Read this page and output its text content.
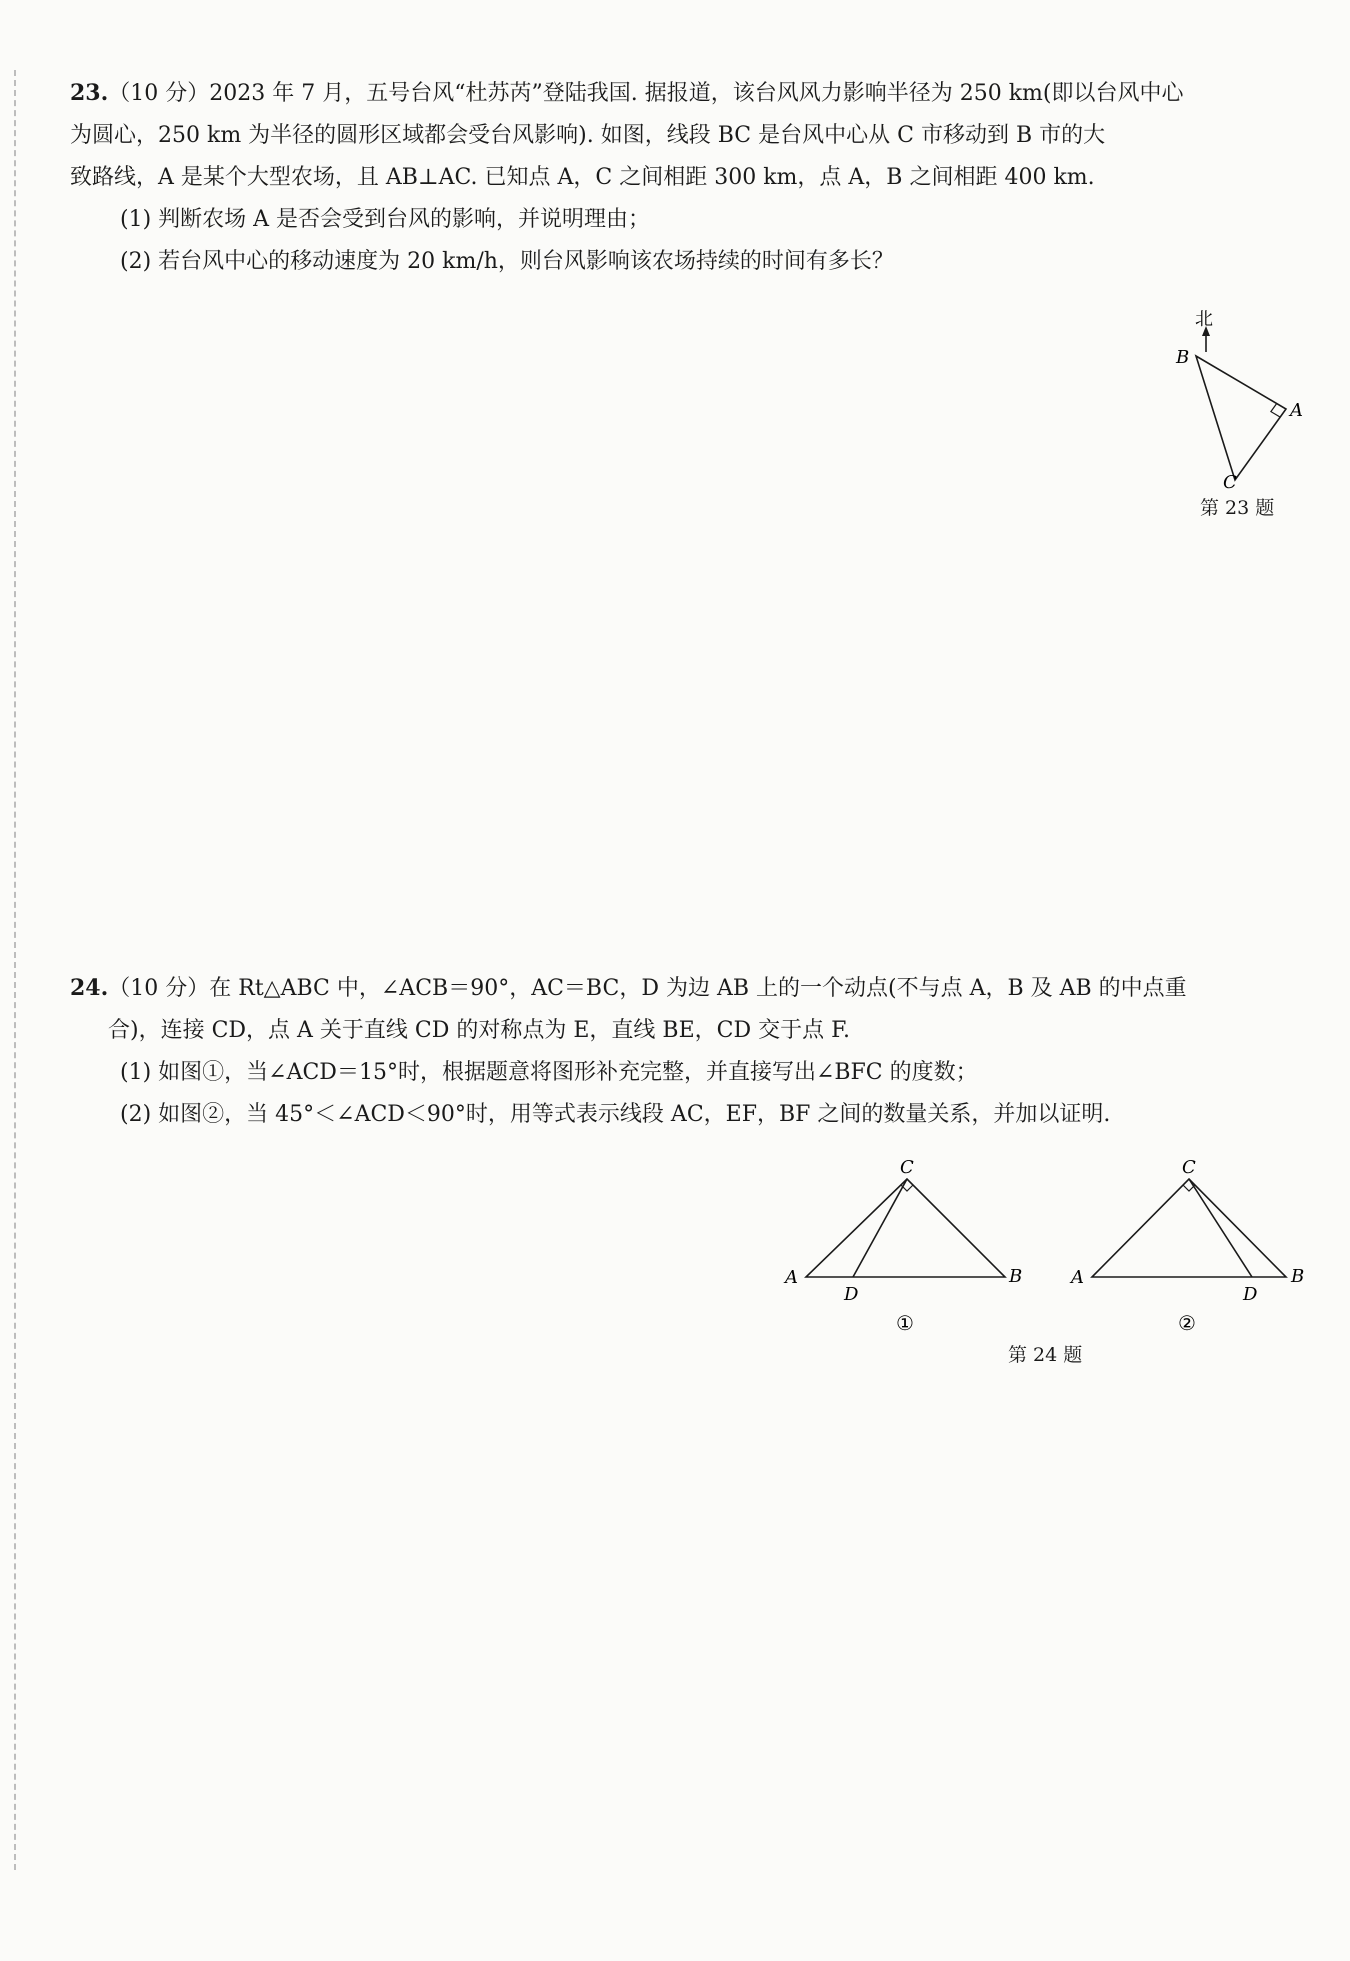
23.（10 分）2023 年 7 月，五号台风“杜苏芮”登陆我国. 据报道，该台风风力影响半径为 250 km(即以台风中心
为圆心，250 km 为半径的圆形区域都会受台风影响). 如图，线段 BC 是台风中心从 C 市移动到 B 市的大
致路线，A 是某个大型农场，且 AB⊥AC. 已知点 A，C 之间相距 300 km，点 A，B 之间相距 400 km.
(1) 判断农场 A 是否会受到台风的影响，并说明理由；
(2) 若台风中心的移动速度为 20 km/h，则台风影响该农场持续的时间有多长？
北
B
A
C
第 23 题
24.（10 分）在 Rt△ABC 中，∠ACB＝90°，AC＝BC，D 为边 AB 上的一个动点(不与点 A，B 及 AB 的中点重
合)，连接 CD，点 A 关于直线 CD 的对称点为 E，直线 BE，CD 交于点 F.
(1) 如图①，当∠ACD＝15°时，根据题意将图形补充完整，并直接写出∠BFC 的度数；
(2) 如图②，当 45°＜∠ACD＜90°时，用等式表示线段 AC，EF，BF 之间的数量关系，并加以证明.
C
A	B
D
①
C
A	B
D
②
第 24 题
